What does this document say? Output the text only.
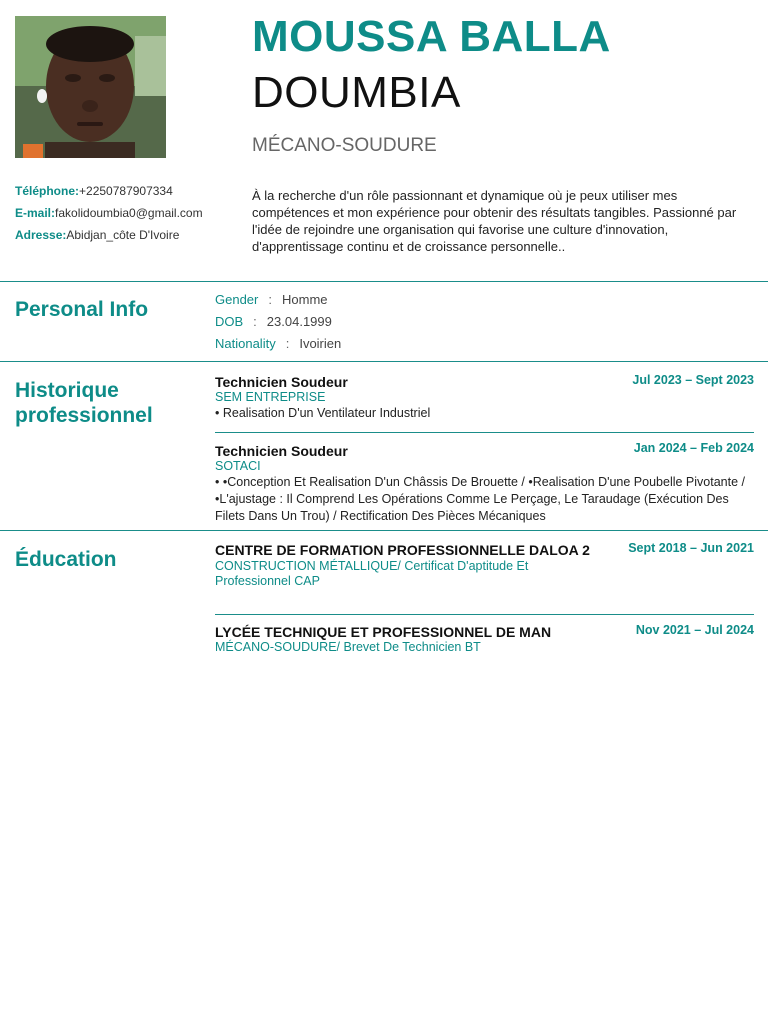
Téléphone:+2250787907334
E-mail:fakolidoumbia0@gmail.com
Adresse:Abidjan_côte D'Ivoire
MOUSSA BALLA
DOUMBIA
MÉCANO-SOUDURE
À la recherche d'un rôle passionnant et dynamique où je peux utiliser mes compétences et mon expérience pour obtenir des résultats tangibles. Passionné par l'idée de rejoindre une organisation qui favorise une culture d'innovation, d'apprentissage continu et de croissance personnelle..
Personal Info	Gender : Homme
DOB : 23.04.1999
Nationality : Ivoirien
Historique professionnel
Technicien Soudeur
SEM ENTREPRISE
• Realisation D'un Ventilateur Industriel
Jul 2023 – Sept 2023
Technicien Soudeur
SOTACI
• •Conception Et Realisation D'un Châssis De Brouette / •Realisation D'une Poubelle Pivotante / •L'ajustage : Il Comprend Les Opérations Comme Le Perçage, Le Taraudage (Exécution Des Filets Dans Un Trou) / Rectification Des Pièces Mécaniques
Jan 2024 – Feb 2024
Éducation	CENTRE DE FORMATION PROFESSIONNELLE DALOA 2
CONSTRUCTION MÉTALLIQUE/ Certificat D'aptitude Et Professionnel CAP
Sept 2018 – Jun 2021
LYCÉE TECHNIQUE ET PROFESSIONNEL DE MAN
MÉCANO-SOUDURE/ Brevet De Technicien BT
Nov 2021 – Jul 2024
